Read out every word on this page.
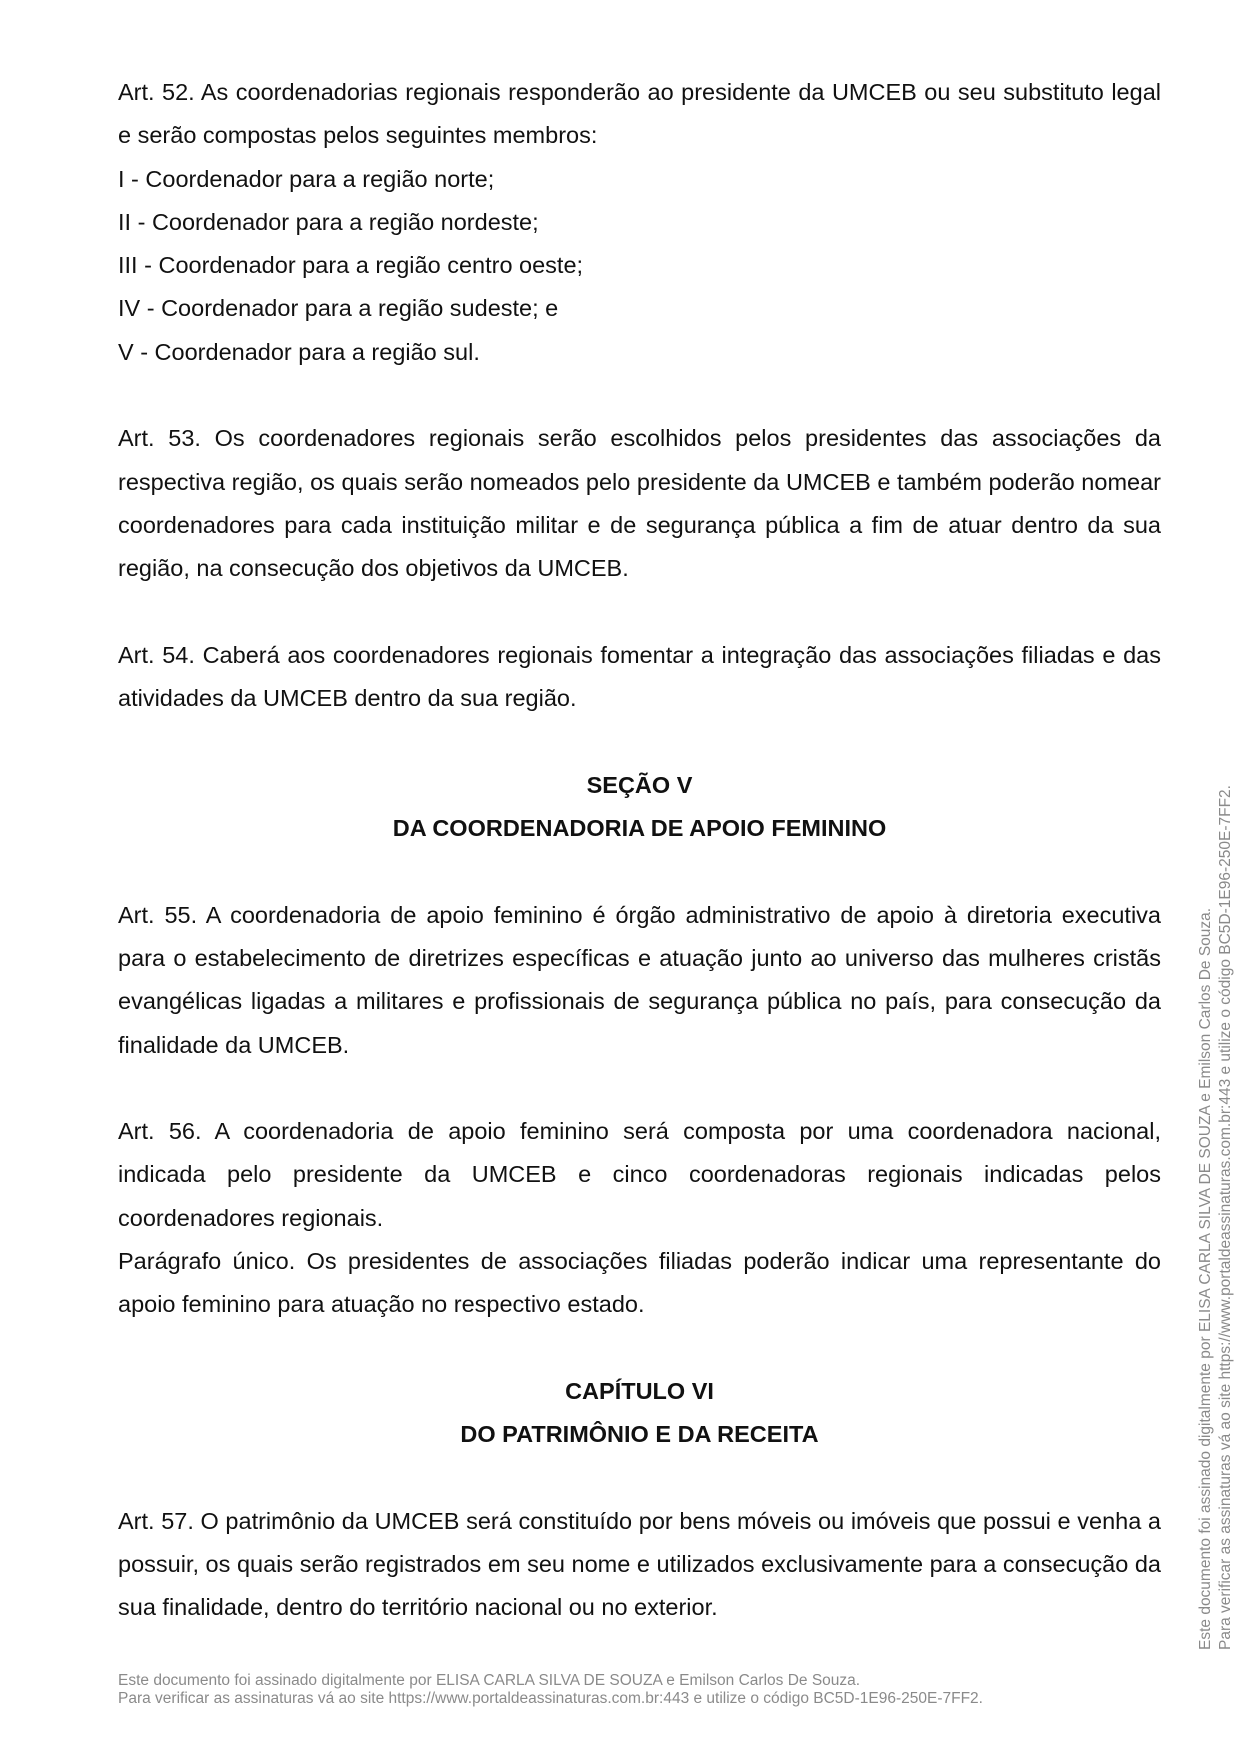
Art. 52. As coordenadorias regionais responderão ao presidente da UMCEB ou seu substituto legal e serão compostas pelos seguintes membros:

I - Coordenador para a região norte;
II - Coordenador para a região nordeste;
III - Coordenador para a região centro oeste;
IV - Coordenador para a região sudeste; e
V - Coordenador para a região sul.

Art. 53. Os coordenadores regionais serão escolhidos pelos presidentes das associações da respectiva região, os quais serão nomeados pelo presidente da UMCEB e também poderão nomear coordenadores para cada instituição militar e de segurança pública a fim de atuar dentro da sua região, na consecução dos objetivos da UMCEB.

Art. 54. Caberá aos coordenadores regionais fomentar a integração das associações filiadas e das atividades da UMCEB dentro da sua região.

SEÇÃO V

DA COORDENADORIA DE APOIO FEMININO

Art. 55. A coordenadoria de apoio feminino é órgão administrativo de apoio à diretoria executiva para o estabelecimento de diretrizes específicas e atuação junto ao universo das mulheres cristãs evangélicas ligadas a militares e profissionais de segurança pública no país, para consecução da finalidade da UMCEB.

Art. 56. A coordenadoria de apoio feminino será composta por uma coordenadora nacional, indicada pelo presidente da UMCEB e cinco coordenadoras regionais indicadas pelos coordenadores regionais.

Parágrafo único. Os presidentes de associações filiadas poderão indicar uma representante do apoio feminino para atuação no respectivo estado.

CAPÍTULO VI

DO PATRIMÔNIO E DA RECEITA

Art. 57. O patrimônio da UMCEB será constituído por bens móveis ou imóveis que possui e venha a possuir, os quais serão registrados em seu nome e utilizados exclusivamente para a consecução da sua finalidade, dentro do território nacional ou no exterior.

Este documento foi assinado digitalmente por ELISA CARLA SILVA DE SOUZA e Emilson Carlos De Souza.
Para verificar as assinaturas vá ao site https://www.portaldeassinaturas.com.br:443 e utilize o código BC5D-1E96-250E-7FF2.
Este documento foi assinado digitalmente por ELISA CARLA SILVA DE SOUZA e Emilson Carlos De Souza. Para verificar as assinaturas vá ao site https://www.portaldeassinaturas.com.br:443 e utilize o código BC5D-1E96-250E-7FF2.
